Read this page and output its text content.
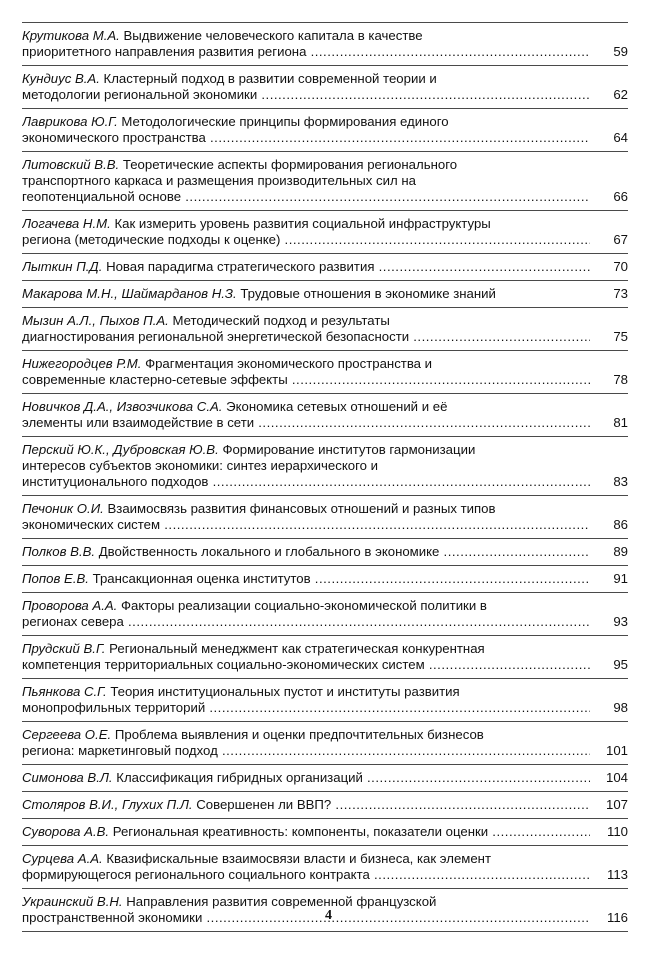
Крутикова М.А. Выдвижение человеческого капитала в качестве
приоритетного направления развития региона .....	59
Кундиус В.А. Кластерный подход в развитии современной теории и
методологии региональной экономики .....	62
Лаврикова Ю.Г. Методологические принципы формирования единого
экономического пространства .....	64
Литовский В.В. Теоретические аспекты формирования регионального
транспортного каркаса и размещения производительных сил на
геопотенциальной основе .....	66
Логачева Н.М. Как измерить уровень развития социальной инфраструктуры
региона (методические подходы к оценке) .....	67
Лыткин П.Д. Новая парадигма стратегического развития .....	70
Макарова М.Н., Шаймарданов Н.З. Трудовые отношения в экономике знаний	73
Мызин А.Л., Пыхов П.А. Методический подход и результаты
диагностирования региональной энергетической безопасности .....	75
Нижегородцев Р.М. Фрагментация экономического пространства и
современные кластерно-сетевые эффекты .....	78
Новичков Д.А., Извозчикова С.А. Экономика сетевых отношений и её
элементы или взаимодействие в сети .....	81
Перский Ю.К., Дубровская Ю.В. Формирование институтов гармонизации
интересов субъектов экономики: синтез иерархического и
институционального подходов .....	83
Печоник О.И. Взаимосвязь развития финансовых отношений и разных типов
экономических систем .....	86
Полков В.В. Двойственность локального и глобального в экономике .....	89
Попов Е.В. Трансакционная оценка институтов .....	91
Проворова А.А. Факторы реализации социально-экономической политики в
регионах севера .....	93
Прудский В.Г. Региональный менеджмент как стратегическая конкурентная
компетенция территориальных социально-экономических систем .....	95
Пьянкова С.Г. Теория институциональных пустот и институты развития
монопрофильных территорий .....	98
Сергеева О.Е. Проблема выявления и оценки предпочтительных бизнесов
региона: маркетинговый подход .....	101
Симонова В.Л. Классификация гибридных организаций .....	104
Столяров В.И., Глухих П.Л. Совершенен ли ВВП? .....	107
Суворова А.В. Региональная креативность: компоненты, показатели оценки .....	110
Сурцева А.А. Квазифискальные взаимосвязи власти и бизнеса, как элемент
формирующегося регионального социального контракта .....	113
Украинский В.Н. Направления развития современной французской
пространственной экономики .....	116
4
